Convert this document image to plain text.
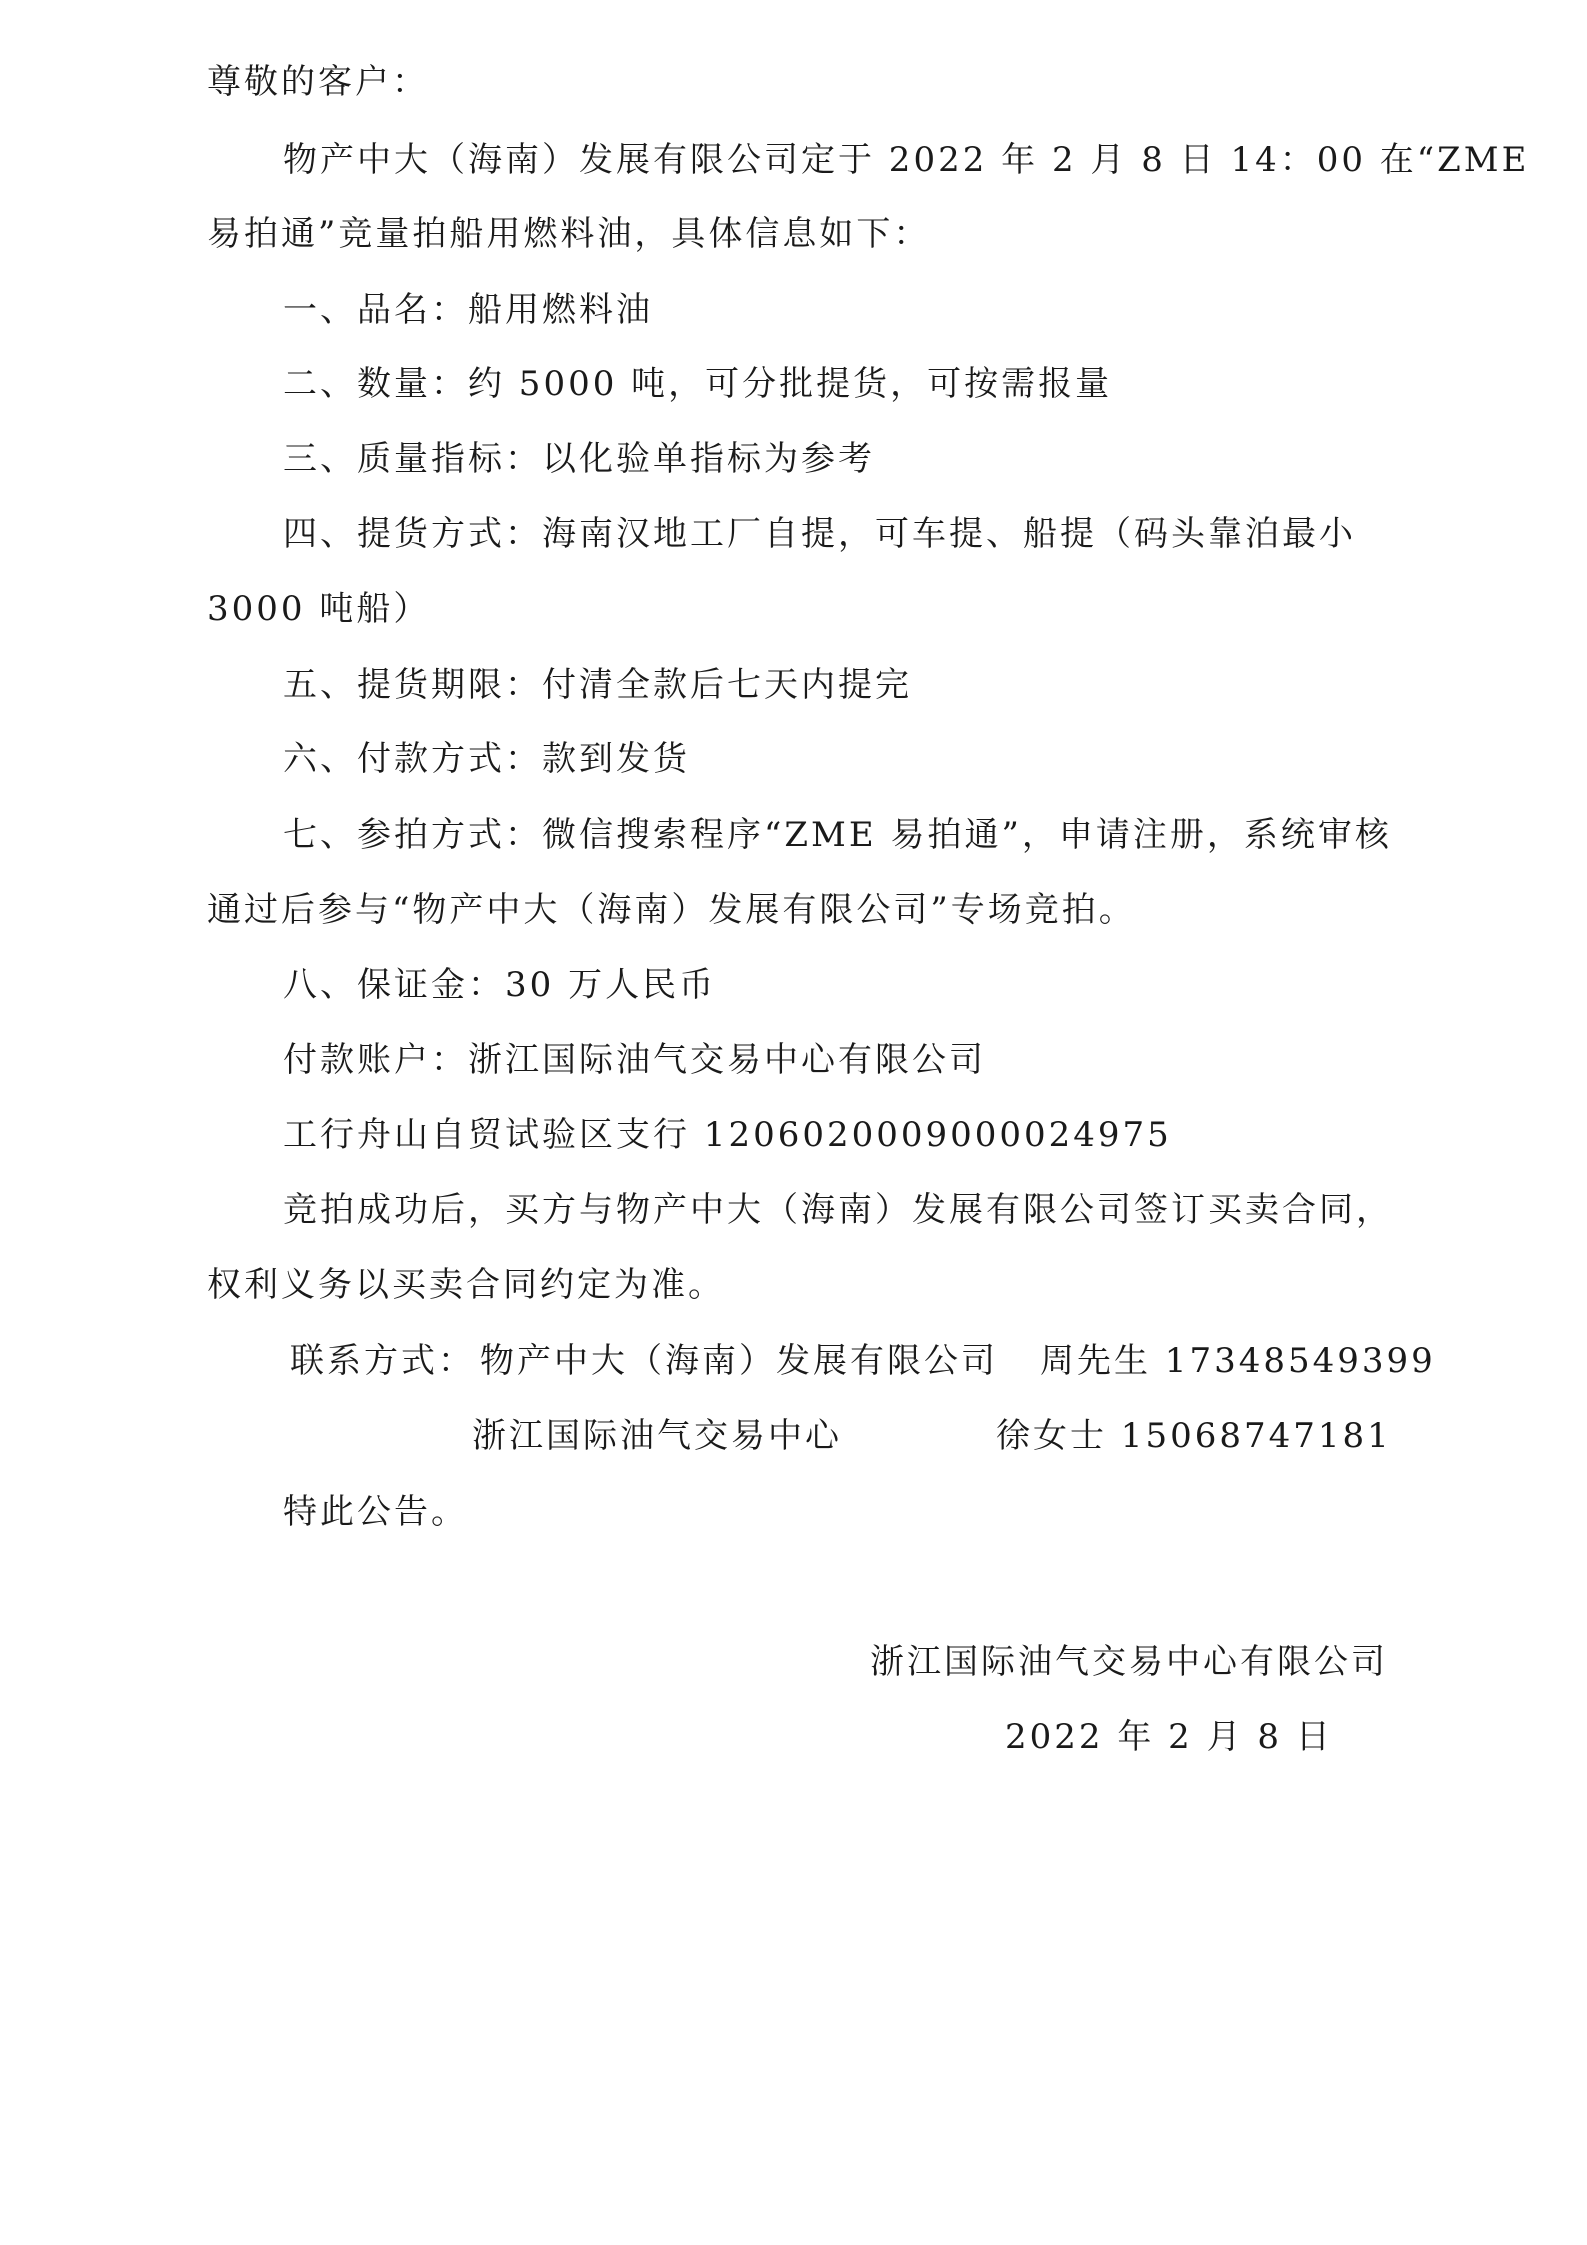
尊敬的客户：
物产中大（海南）发展有限公司定于 2022 年 2 月 8 日 14：00 在“ZME
易拍通”竞量拍船用燃料油，具体信息如下：
一、品名：船用燃料油
二、数量：约 5000 吨，可分批提货，可按需报量
三、质量指标：以化验单指标为参考
四、提货方式：海南汉地工厂自提，可车提、船提（码头靠泊最小
3000 吨船）
五、提货期限：付清全款后七天内提完
六、付款方式：款到发货
七、参拍方式：微信搜索程序“ZME 易拍通”，申请注册，系统审核
通过后参与“物产中大（海南）发展有限公司”专场竞拍。
八、保证金：30 万人民币
付款账户：浙江国际油气交易中心有限公司
工行舟山自贸试验区支行 1206020009000024975
竞拍成功后，买方与物产中大（海南）发展有限公司签订买卖合同，
权利义务以买卖合同约定为准。
联系方式： 物产中大（海南）发展有限公司 周先生 17348549399
浙江国际油气交易中心	徐女士 15068747181
特此公告。
浙江国际油气交易中心有限公司
2022 年 2 月 8 日
